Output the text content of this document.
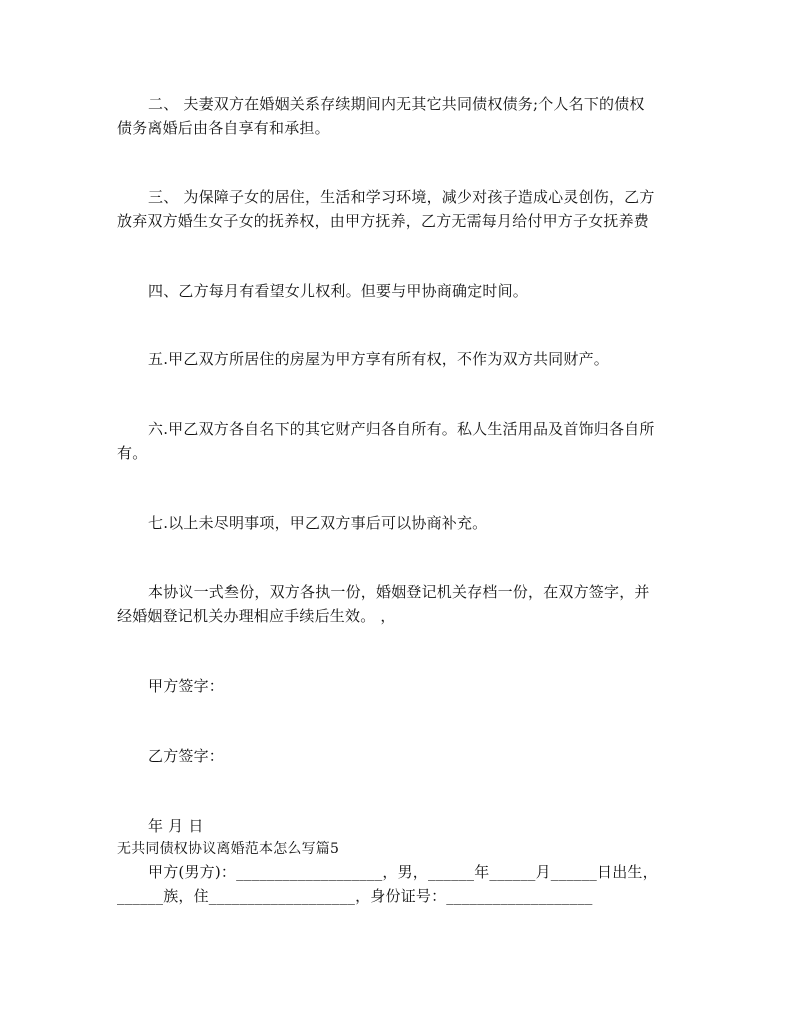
二、 夫妻双方在婚姻关系存续期间内无其它共同债权债务;个人名下的债权
债务离婚后由各自享有和承担。
三、 为保障子女的居住，生活和学习环境，减少对孩子造成心灵创伤，乙方
放弃双方婚生女子女的抚养权，由甲方抚养，乙方无需每月给付甲方子女抚养费
四、乙方每月有看望女儿权利。但要与甲协商确定时间。
五.甲乙双方所居住的房屋为甲方享有所有权，不作为双方共同财产。
六.甲乙双方各自名下的其它财产归各自所有。私人生活用品及首饰归各自所
有。
七.以上未尽明事项，甲乙双方事后可以协商补充。
本协议一式叁份，双方各执一份，婚姻登记机关存档一份，在双方签字，并
经婚姻登记机关办理相应手续后生效。 ，
甲方签字：
乙方签字：
年 月 日
无共同债权协议离婚范本怎么写篇5
甲方(男方)：___________________，男，______年______月______日出生，
______族，住___________________，身份证号：___________________
